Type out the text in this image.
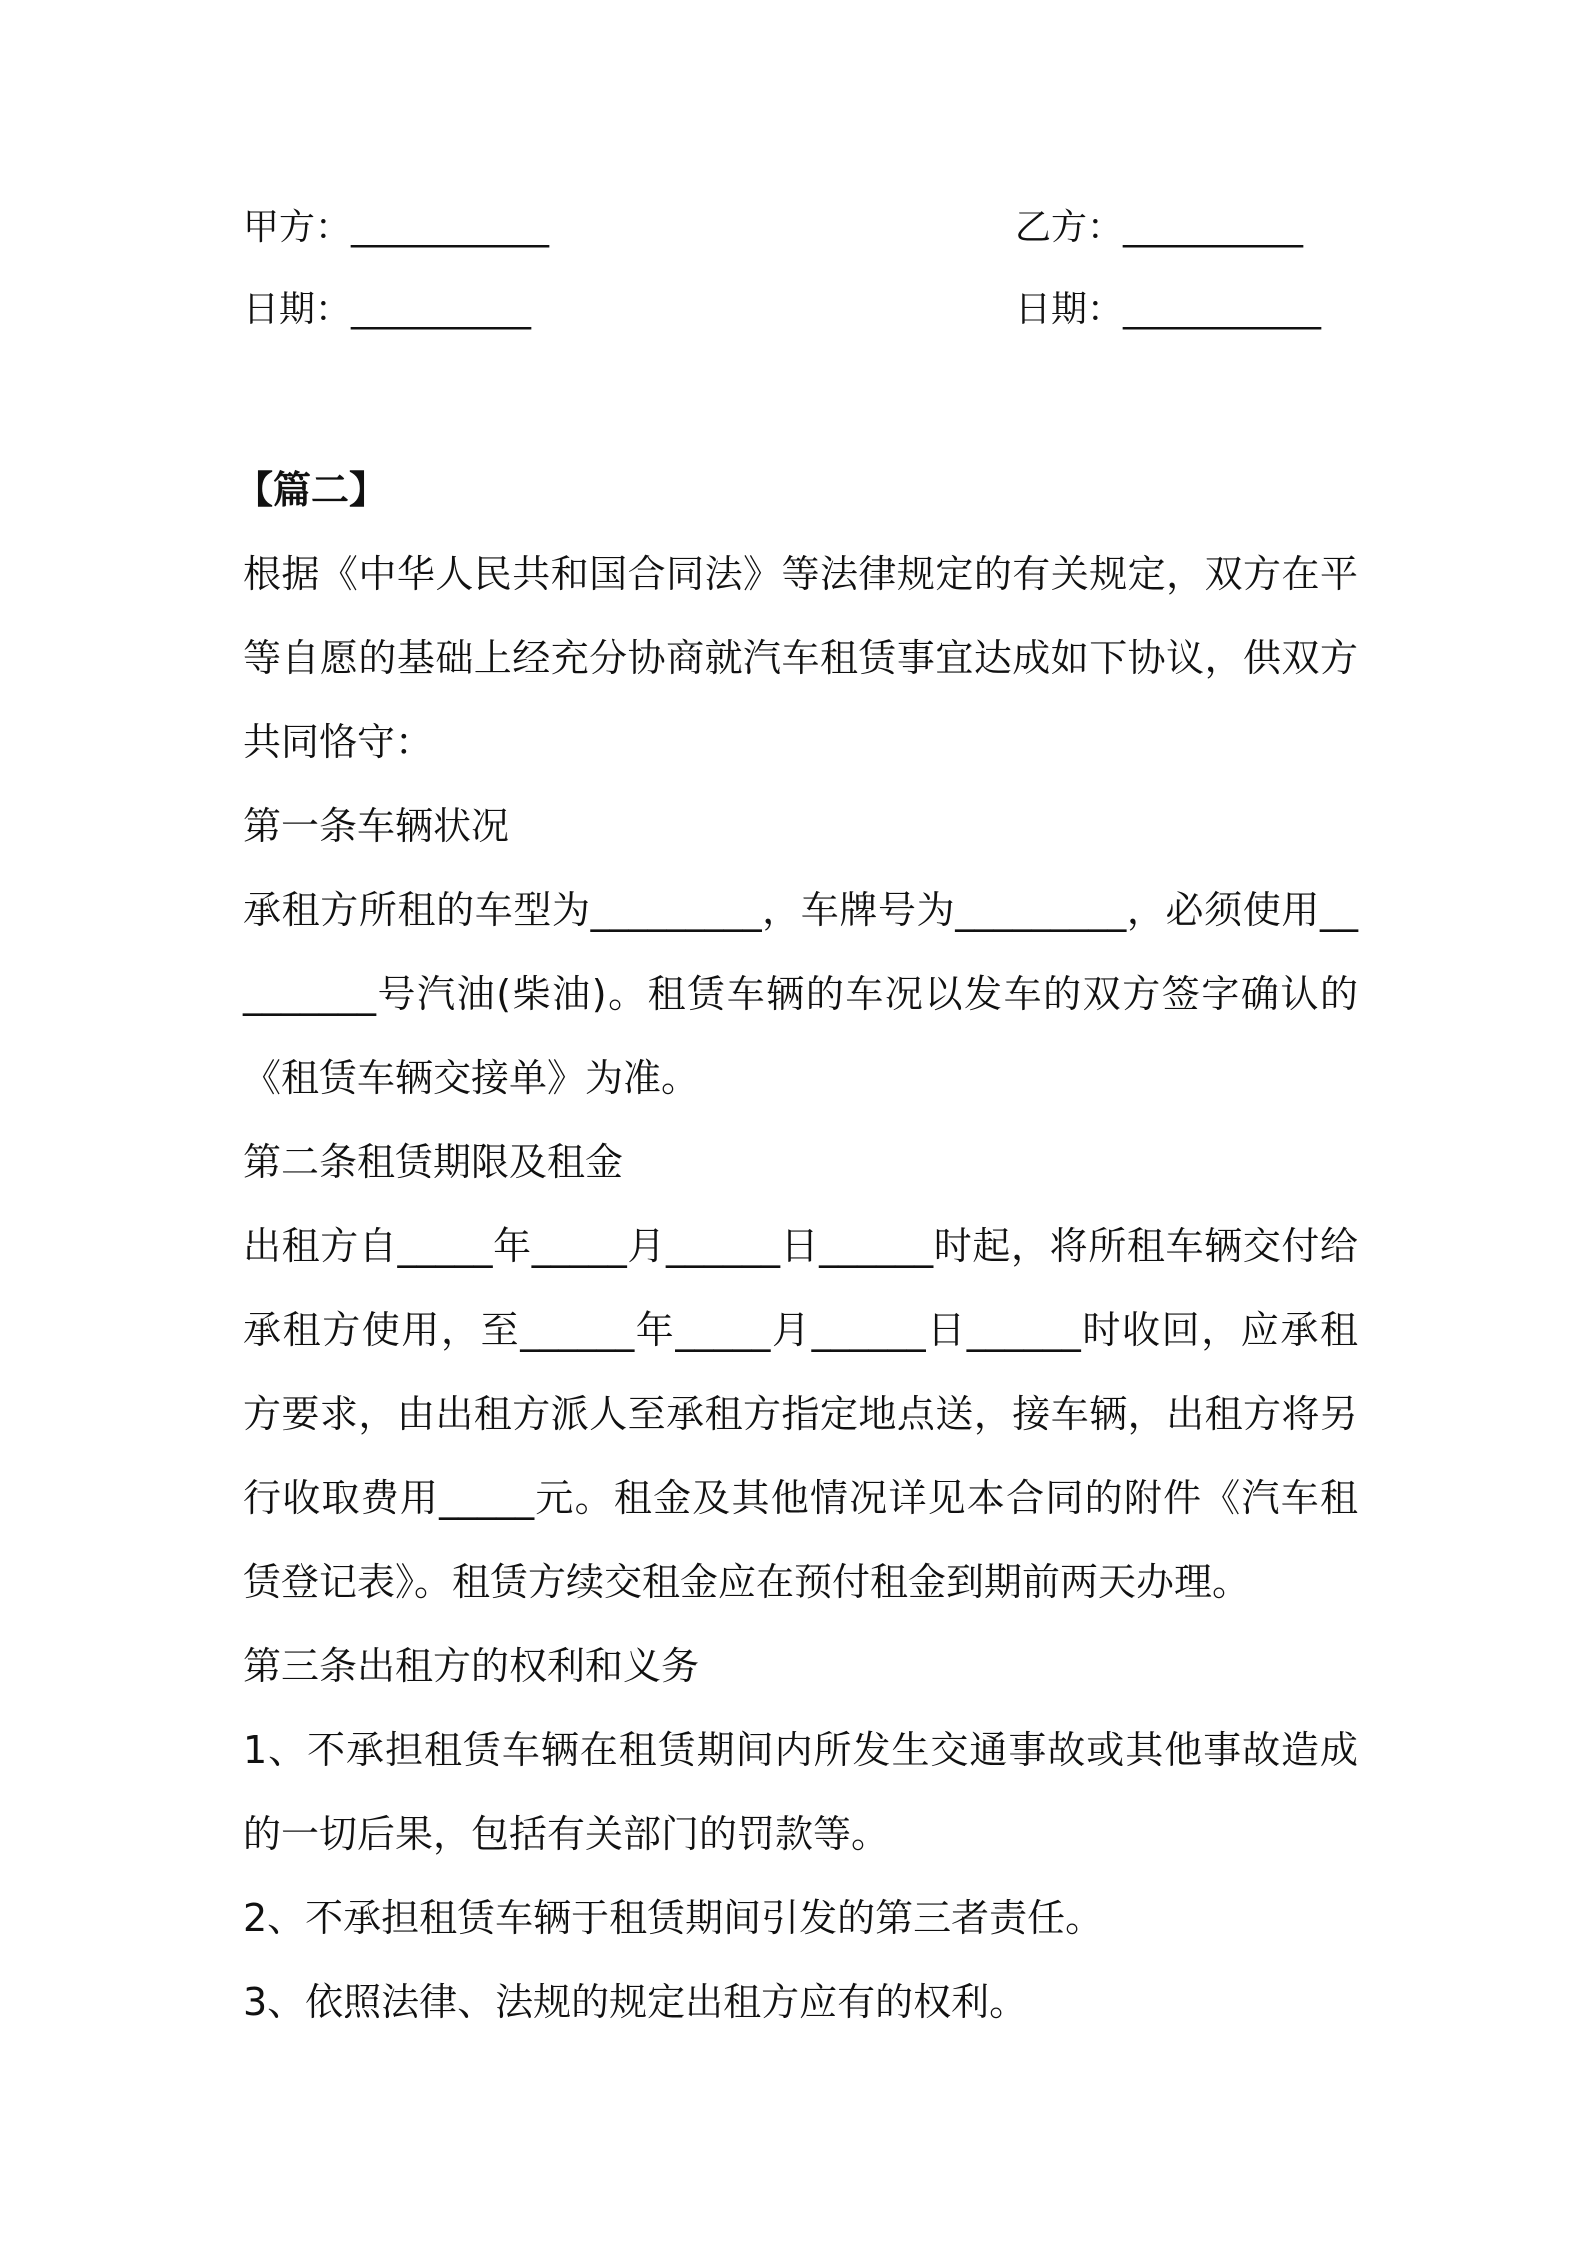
甲方：___________	乙方：__________
日期：__________	日期：___________

【篇二】

根据《中华人民共和国合同法》等法律规定的有关规定，双方在平等自愿的基础上经充分协商就汽车租赁事宜达成如下协议，供双方共同恪守：

第一条车辆状况

承租方所租的车型为_________，车牌号为_________，必须使用_________号汽油(柴油)。租赁车辆的车况以发车的双方签字确认的《租赁车辆交接单》为准。

第二条租赁期限及租金

出租方自_____年_____月______日______时起，将所租车辆交付给承租方使用，至______年_____月______日______时收回，应承租方要求，由出租方派人至承租方指定地点送，接车辆，出租方将另行收取费用_____元。租金及其他情况详见本合同的附件《汽车租赁登记表》。租赁方续交租金应在预付租金到期前两天办理。

第三条出租方的权利和义务

1、不承担租赁车辆在租赁期间内所发生交通事故或其他事故造成的一切后果，包括有关部门的罚款等。

2、不承担租赁车辆于租赁期间引发的第三者责任。

3、依照法律、法规的规定出租方应有的权利。
